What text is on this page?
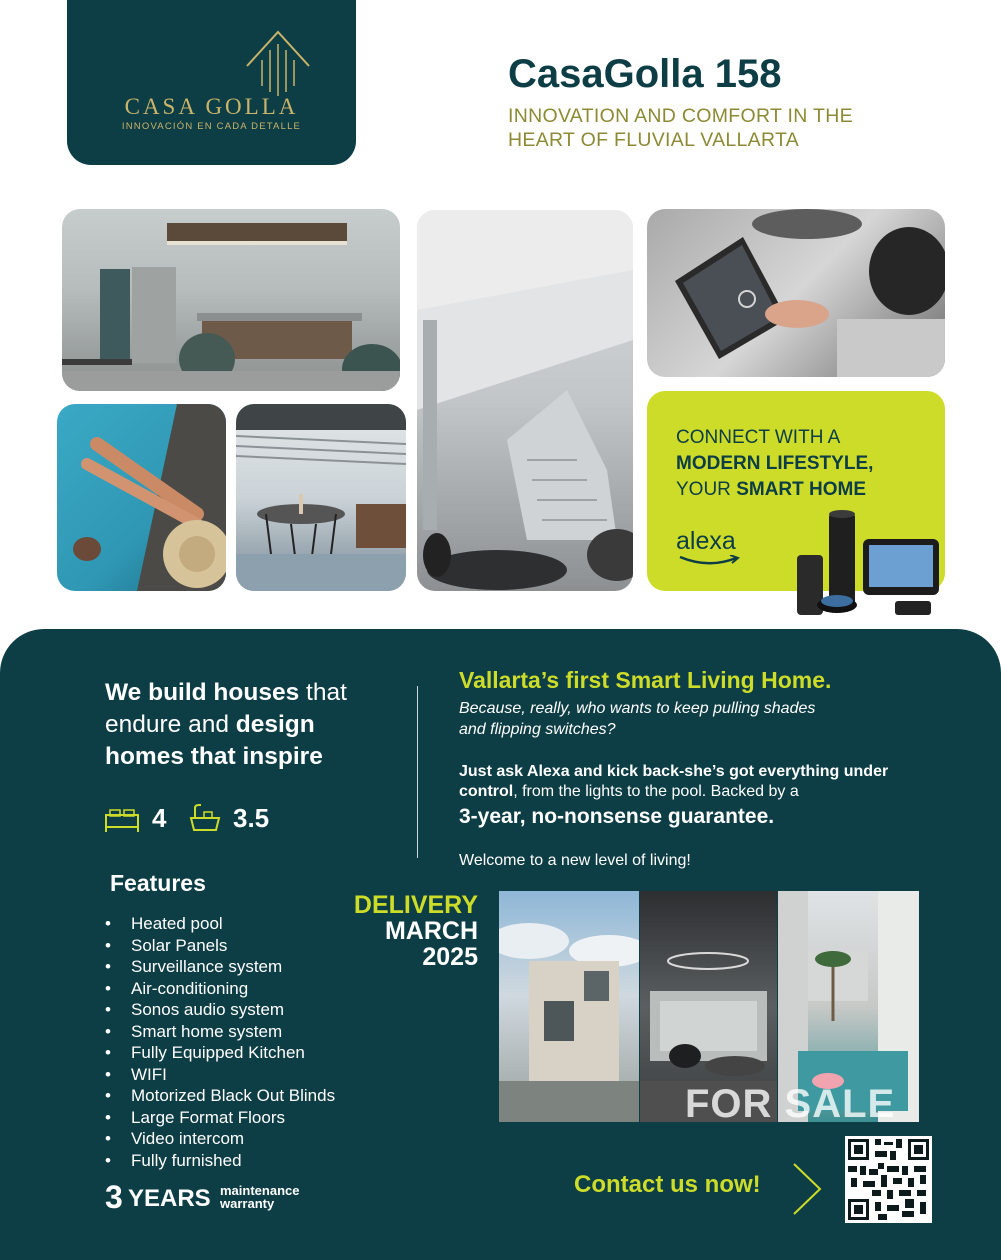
CASA GOLLA
INNOVACIÓN EN CADA DETALLE
CasaGolla 158
INNOVATION AND COMFORT IN THE
HEART OF FLUVIAL VALLARTA
CONNECT WITH A
MODERN LIFESTYLE,
YOUR SMART HOME
alexa
We build houses that
endure and design
homes that inspire
4	3.5
Features
• Heated pool
• Solar Panels
• Surveillance system
• Air-conditioning
• Sonos audio system
• Smart home system
• Fully Equipped Kitchen
• WIFI
• Motorized Black Out Blinds
• Large Format Floors
• Video intercom
• Fully furnished
3 YEARS maintenance
warranty
Vallarta’s first Smart Living Home.
Because, really, who wants to keep pulling shades
and flipping switches?
Just ask Alexa and kick back-she’s got everything under
control, from the lights to the pool. Backed by a
3-year, no-nonsense guarantee.
Welcome to a new level of living!
DELIVERY
MARCH
2025
FOR SALE
Contact us now!
